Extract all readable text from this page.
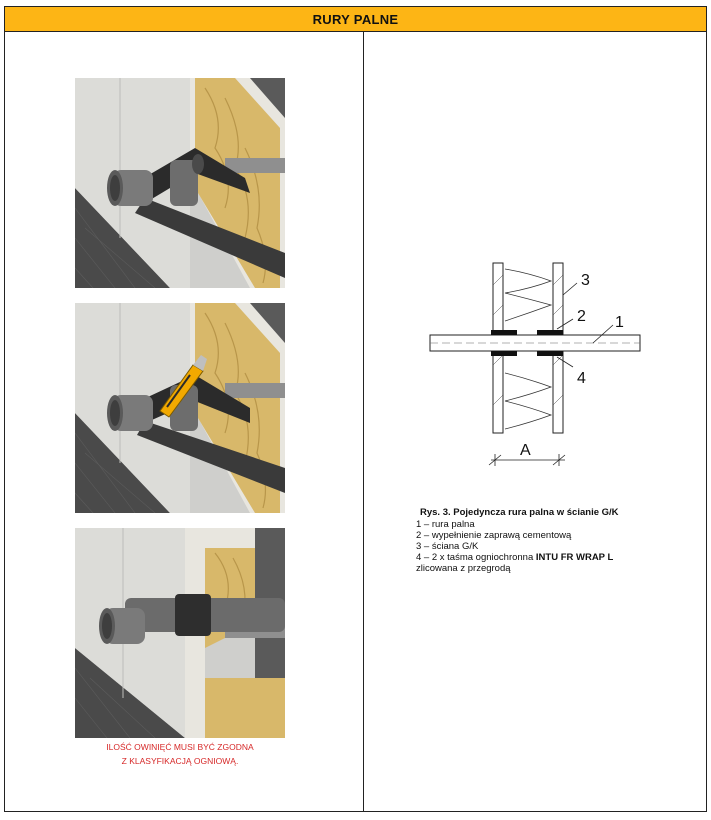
RURY PALNE
ILOŚĆ OWINIĘĆ MUSI BYĆ ZGODNA
Z KLASYFIKACJĄ OGNIOWĄ.
3
2 1
4
A
Rys. 3. Pojedyncza rura palna w ścianie G/K
1 – rura palna
2 – wypełnienie zaprawą cementową
3 – ściana G/K
4 – 2 x taśma ogniochronna INTU FR WRAP L
zlicowana z przegrodą
